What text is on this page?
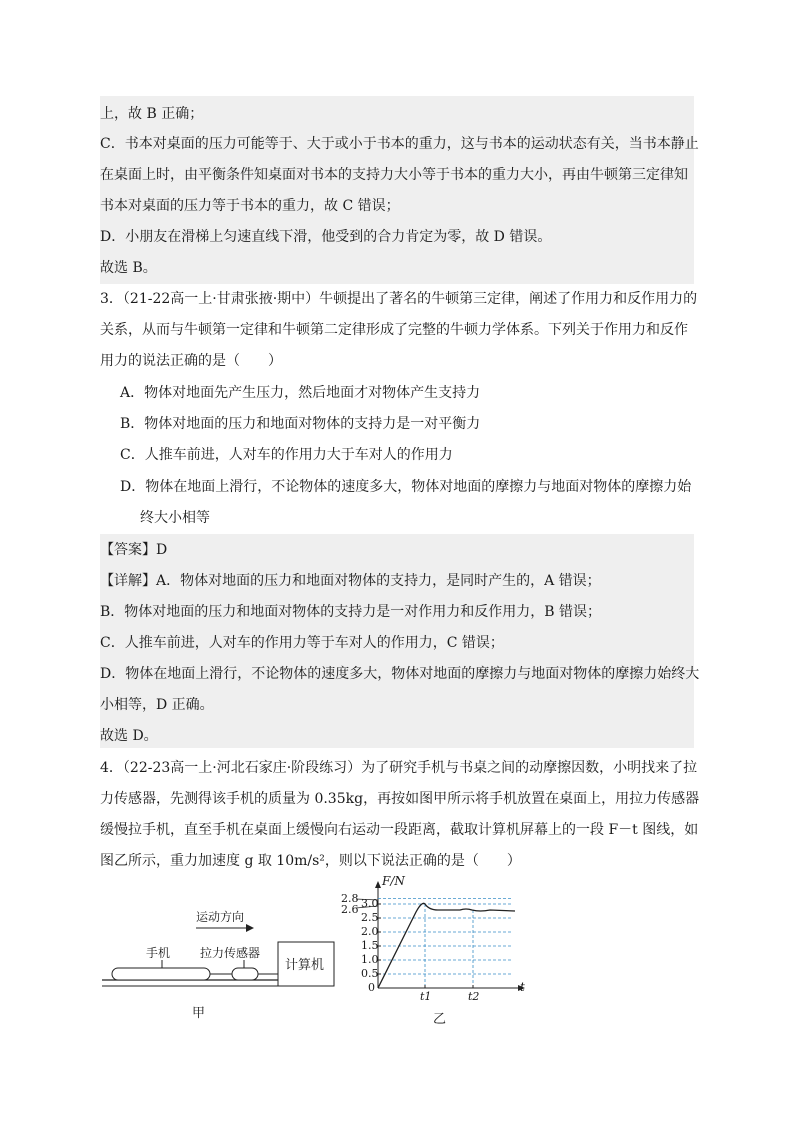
上，故 B 正确；
C．书本对桌面的压力可能等于、大于或小于书本的重力，这与书本的运动状态有关，当书本静止
在桌面上时，由平衡条件知桌面对书本的支持力大小等于书本的重力大小，再由牛顿第三定律知
书本对桌面的压力等于书本的重力，故 C 错误；
D．小朋友在滑梯上匀速直线下滑，他受到的合力肯定为零，故 D 错误。
故选 B。
3．（21-22高一上·甘肃张掖·期中）牛顿提出了著名的牛顿第三定律，阐述了作用力和反作用力的
关系，从而与牛顿第一定律和牛顿第二定律形成了完整的牛顿力学体系。下列关于作用力和反作
用力的说法正确的是（　　）
A．物体对地面先产生压力，然后地面才对物体产生支持力
B．物体对地面的压力和地面对物体的支持力是一对平衡力
C．人推车前进，人对车的作用力大于车对人的作用力
D．物体在地面上滑行，不论物体的速度多大，物体对地面的摩擦力与地面对物体的摩擦力始
终大小相等
【答案】D
【详解】A．物体对地面的压力和地面对物体的支持力，是同时产生的，A 错误；
B．物体对地面的压力和地面对物体的支持力是一对作用力和反作用力，B 错误；
C．人推车前进，人对车的作用力等于车对人的作用力，C 错误；
D．物体在地面上滑行，不论物体的速度多大，物体对地面的摩擦力与地面对物体的摩擦力始终大
小相等，D 正确。
故选 D。
4．（22-23高一上·河北石家庄·阶段练习）为了研究手机与书桌之间的动摩擦因数，小明找来了拉
力传感器，先测得该手机的质量为 0.35kg，再按如图甲所示将手机放置在桌面上，用拉力传感器
缓慢拉手机，直至手机在桌面上缓慢向右运动一段距离，截取计算机屏幕上的一段 F－t 图线，如
图乙所示，重力加速度 g 取 10m/s²，则以下说法正确的是（　　）
运动方向
手机 拉力传感器
计算机
甲
F/N
t
0
3.0
2.5
2.0
1.5
1.0
0.5
2.8
2.6
t1	t2
乙
